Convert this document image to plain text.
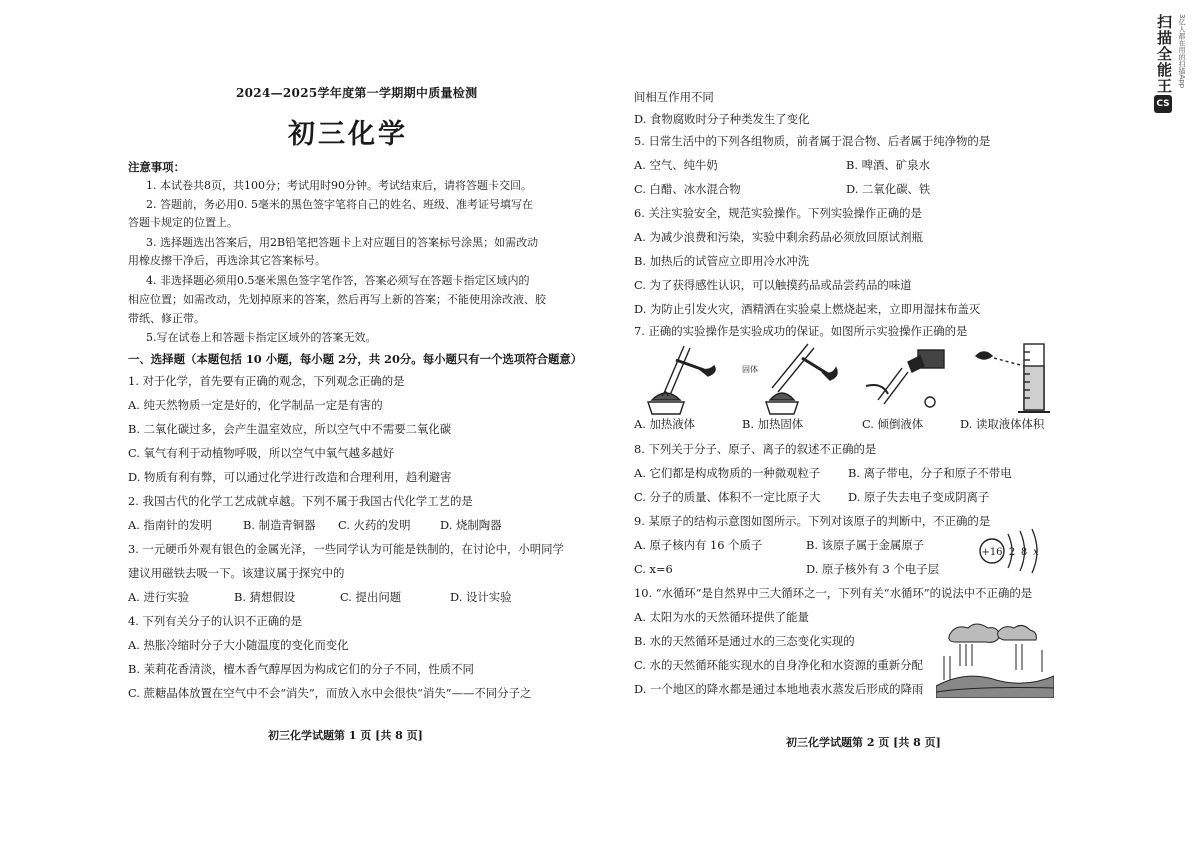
2024—2025学年度第一学期期中质量检测
初三化学
注意事项：
1. 本试卷共8页，共100分；考试用时90分钟。考试结束后，请将答题卡交回。
2. 答题前，务必用0. 5毫米的黑色签字笔将自己的姓名、班级、准考证号填写在
答题卡规定的位置上。
3. 选择题选出答案后，用2B铅笔把答题卡上对应题目的答案标号涂黑；如需改动
用橡皮擦干净后，再选涂其它答案标号。
4. 非选择题必须用0.5毫米黑色签字笔作答，答案必须写在答题卡指定区域内的
相应位置；如需改动，先划掉原来的答案，然后再写上新的答案；不能使用涂改液、胶
带纸、修正带。
5.写在试卷上和答题卡指定区域外的答案无效。
一、选择题（本题包括 10 小题，每小题 2分，共 20分。每小题只有一个选项符合题意）
1. 对于化学，首先要有正确的观念，下列观念正确的是
A. 纯天然物质一定是好的，化学制品一定是有害的
B. 二氧化碳过多，会产生温室效应，所以空气中不需要二氧化碳
C. 氧气有利于动植物呼吸，所以空气中氧气越多越好
D. 物质有利有弊，可以通过化学进行改造和合理利用，趋利避害
2. 我国古代的化学工艺成就卓越。下列不属于我国古代化学工艺的是
A. 指南针的发明	B. 制造青铜器 C. 火药的发明	D. 烧制陶器
3. 一元硬币外观有银色的金属光泽，一些同学认为可能是铁制的，在讨论中，小明同学
建议用磁铁去吸一下。该建议属于探究中的
A. 进行实验	B. 猜想假设	C. 提出问题	D. 设计实验
4. 下列有关分子的认识不正确的是
A. 热胀冷缩时分子大小随温度的变化而变化
B. 茉莉花香清淡，檀木香气醇厚因为构成它们的分子不同，性质不同
C. 蔗糖晶体放置在空气中不会“消失”，而放入水中会很快“消失”——不同分子之
初三化学试题第 1 页 [共 8 页]
间相互作用不同
D. 食物腐败时分子种类发生了变化
5. 日常生活中的下列各组物质，前者属于混合物、后者属于纯净物的是
A. 空气、纯牛奶	B. 啤酒、矿泉水
C. 白醋、冰水混合物	D. 二氧化碳、铁
6. 关注实验安全，规范实验操作。下列实验操作正确的是
A. 为减少浪费和污染，实验中剩余药品必须放回原试剂瓶
B. 加热后的试管应立即用冷水冲洗
C. 为了获得感性认识，可以触摸药品或品尝药品的味道
D. 为防止引发火灾，酒精洒在实验桌上燃烧起来，立即用湿抹布盖灭
7. 正确的实验操作是实验成功的保证。如图所示实验操作正确的是
固体
A. 加热液体	B. 加热固体	C. 倾倒液体	D. 读取液体体积
8. 下列关于分子、原子、离子的叙述不正确的是
A. 它们都是构成物质的一种微观粒子 B. 离子带电，分子和原子不带电
C. 分子的质量、体积不一定比原子大 D. 原子失去电子变成阴离子
9. 某原子的结构示意图如图所示。下列对该原子的判断中，不正确的是
A. 原子核内有 16 个质子	B. 该原子属于金属原子
C. x=6	D. 原子核外有 3 个电子层
+16 2 8 x
10. “水循环”是自然界中三大循环之一，下列有关“水循环”的说法中不正确的是
A. 太阳为水的天然循环提供了能量
B. 水的天然循环是通过水的三态变化实现的
C. 水的天然循环能实现水的自身净化和水资源的重新分配
D. 一个地区的降水都是通过本地地表水蒸发后形成的降雨
初三化学试题第 2 页 [共 8 页]
CS
扫描全能王 3亿人都在用的扫描App
